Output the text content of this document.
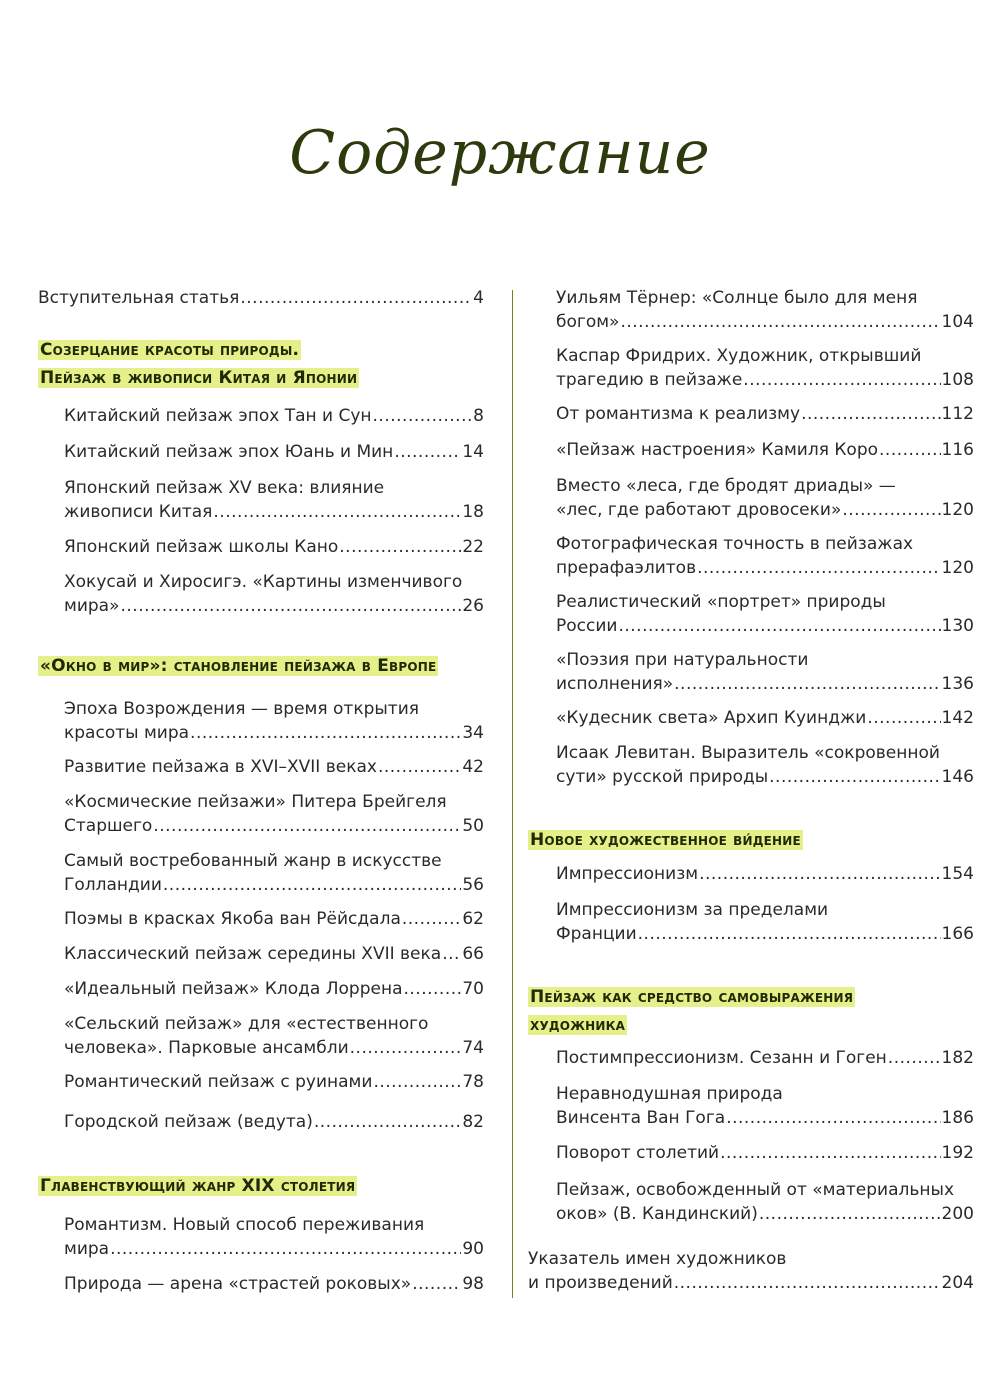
Содержание
Вступительная статья .....	4
Созерцание красоты природы.
Пейзаж в живописи Китая и Японии
Китайский пейзаж эпох Тан и Сун .....	8
Китайский пейзаж эпох Юань и Мин .....	14
Японский пейзаж XV века: влияние
живописи Китая .....	18
Японский пейзаж школы Кано .....	22
Хокусай и Хиросигэ. «Картины изменчивого
мира» .....	26
«Окно в мир»: становление пейзажа в Европе
Эпоха Возрождения — время открытия
красоты мира .....	34
Развитие пейзажа в XVI–XVII веках .....	42
«Космические пейзажи» Питера Брейгеля
Старшего .....	50
Самый востребованный жанр в искусстве
Голландии .....	56
Поэмы в красках Якоба ван Рёйсдала .....	62
Классический пейзаж середины XVII века ..... 66
«Идеальный пейзаж» Клода Лоррена .....	70
«Сельский пейзаж» для «естественного
человека». Парковые ансамбли .....	74
Романтический пейзаж с руинами .....	78
Городской пейзаж (ведута) .....	82
Главенствующий жанр XIX столетия
Романтизм. Новый способ переживания
мира .....	90
Природа — арена «страстей роковых» .....	98
Уильям Тёрнер: «Солнце было для меня
богом» .....	104
Каспар Фридрих. Художник, открывший
трагедию в пейзаже .....	108
От романтизма к реализму .....	112
«Пейзаж настроения» Камиля Коро .....	116
Вместо «леса, где бродят дриады» —
«лес, где работают дровосеки» .....	120
Фотографическая точность в пейзажах
прерафаэлитов .....	120
Реалистический «портрет» природы
России .....	130
«Поэзия при натуральности
исполнения» .....	136
«Кудесник света» Архип Куинджи .....	142
Исаак Левитан. Выразитель «сокровенной
сути» русской природы .....	146
Новое художественное ви́дение
Импрессионизм .....	154
Импрессионизм за пределами
Франции .....	166
Пейзаж как средство самовыражения
художника
Постимпрессионизм. Сезанн и Гоген .....	182
Неравнодушная природа
Винсента Ван Гога .....	186
Поворот столетий .....	192
Пейзаж, освобожденный от «материальных
оков» (В. Кандинский) .....	200
Указатель имен художников
и произведений .....	204
